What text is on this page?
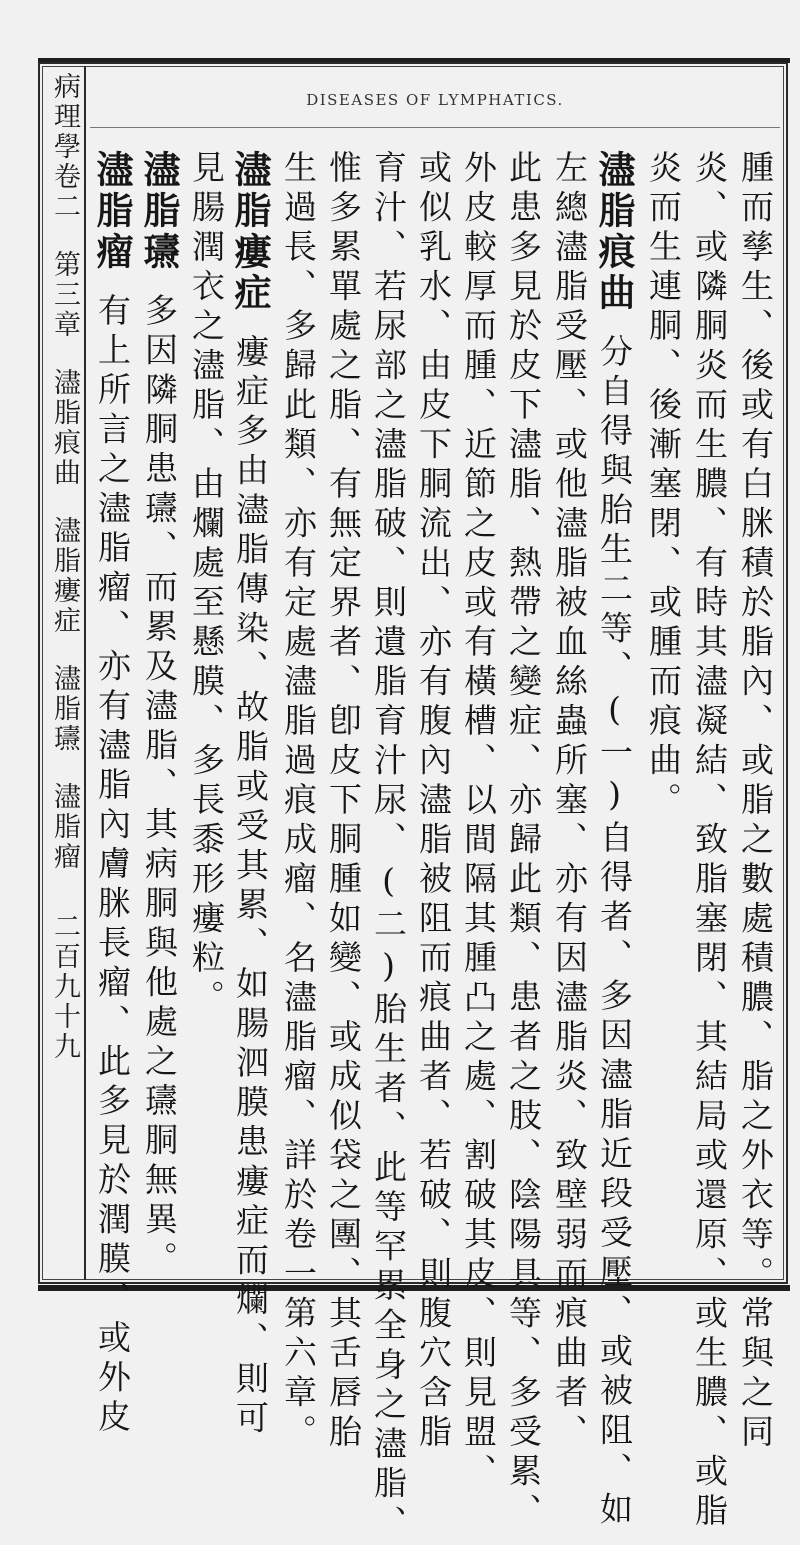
病理學卷二
第三章
濜脂痕曲
濜脂瘻症
濜脂瓙
濜脂瘤
二百九十九
DISEASES OF LYMPHATICS.
腫而孳生、後或有白脒積於脂內、或脂之數處積膿、脂之外衣等。常與之同
炎、或隣胴炎而生膿、有時其濜凝結、致脂塞閉、其結局或還原、或生膿、或脂
炎而生連胴、後漸塞閉、或腫而痕曲。
濜脂痕曲分自得與胎生二等、(一)自得者、多因濜脂近段受壓、或被阻、如
左總濜脂受壓、或他濜脂被血絲蟲所塞、亦有因濜脂炎、致壁弱而痕曲者、
此患多見於皮下濜脂、熱帶之變症、亦歸此類、患者之肢、陰陽具等、多受累、
外皮較厚而腫、近節之皮或有橫槽、以間隔其腫凸之處、割破其皮、則見盟、
或似乳水、由皮下胴流出、亦有腹內濜脂被阻而痕曲者、若破、則腹穴含脂
育汁、若尿部之濜脂破、則遺脂育汁尿、(二)胎生者、此等罕累全身之濜脂、
惟多累單處之脂、有無定界者、卽皮下胴腫如變、或成似袋之團、其舌唇胎
生過長、多歸此類、亦有定處濜脂過痕成瘤、名濜脂瘤、詳於卷一第六章。
濜脂瘻症瘻症多由濜脂傳染、故脂或受其累、如腸泗膜患瘻症而爛、則可
見腸潤衣之濜脂、由爛處至懸膜、多長黍形瘻粒。
濜脂瓙多因隣胴患瓙、而累及濜脂、其病胴與他處之瓙胴無異。
濜脂瘤有上所言之濜脂瘤、亦有濜脂內膚脒長瘤、此多見於潤膜、或外皮
